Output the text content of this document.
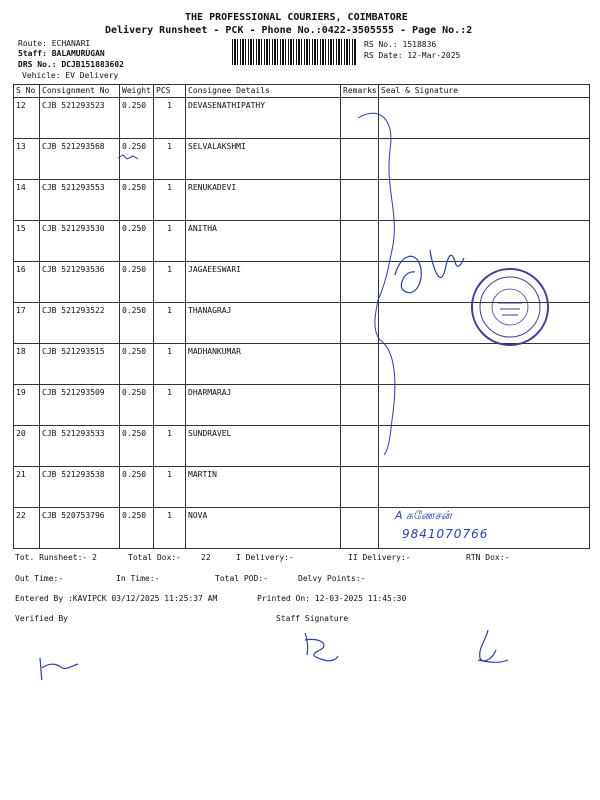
THE PROFESSIONAL COURIERS, COIMBATORE
Delivery Runsheet - PCK - Phone No.:0422-3505555 - Page No.:2
Route: ECHANARI
Staff: BALAMURUGAN
DRS No.: DCJB151883602
Vehicle: EV Delivery
RS No.: 1518836
RS Date: 12-Mar-2025
S No	Consignment No	Weight	PCS	Consignee Details	Remarks	Seal & Signature
12	CJB 521293523	0.250	1	DEVASENATHIPATHY		
13	CJB 521293568	0.250	1	SELVALAKSHMI		
14	CJB 521293553	0.250	1	RENUKADEVI		
15	CJB 521293530	0.250	1	ANITHA		
16	CJB 521293536	0.250	1	JAGAEESWARI		
17	CJB 521293522	0.250	1	THANAGRAJ		
18	CJB 521293515	0.250	1	MADHANKUMAR		
19	CJB 521293509	0.250	1	DHARMARAJ		
20	CJB 521293533	0.250	1	SUNDRAVEL		
21	CJB 521293538	0.250	1	MARTIN		
22	CJB 520753796	0.250	1	NOVA			A கணேசன்
9841070766
Tot. Runsheet:- 2	Total Dox:-	22	I Delivery:-	II Delivery:-	RTN Dox:-
Out Time:-	In Time:-	Total POD:-	Delvy Points:-
Entered By :KAVIPCK 03/12/2025 11:25:37 AM	Printed On: 12-03-2025 11:45:30
Verified By	Staff Signature
